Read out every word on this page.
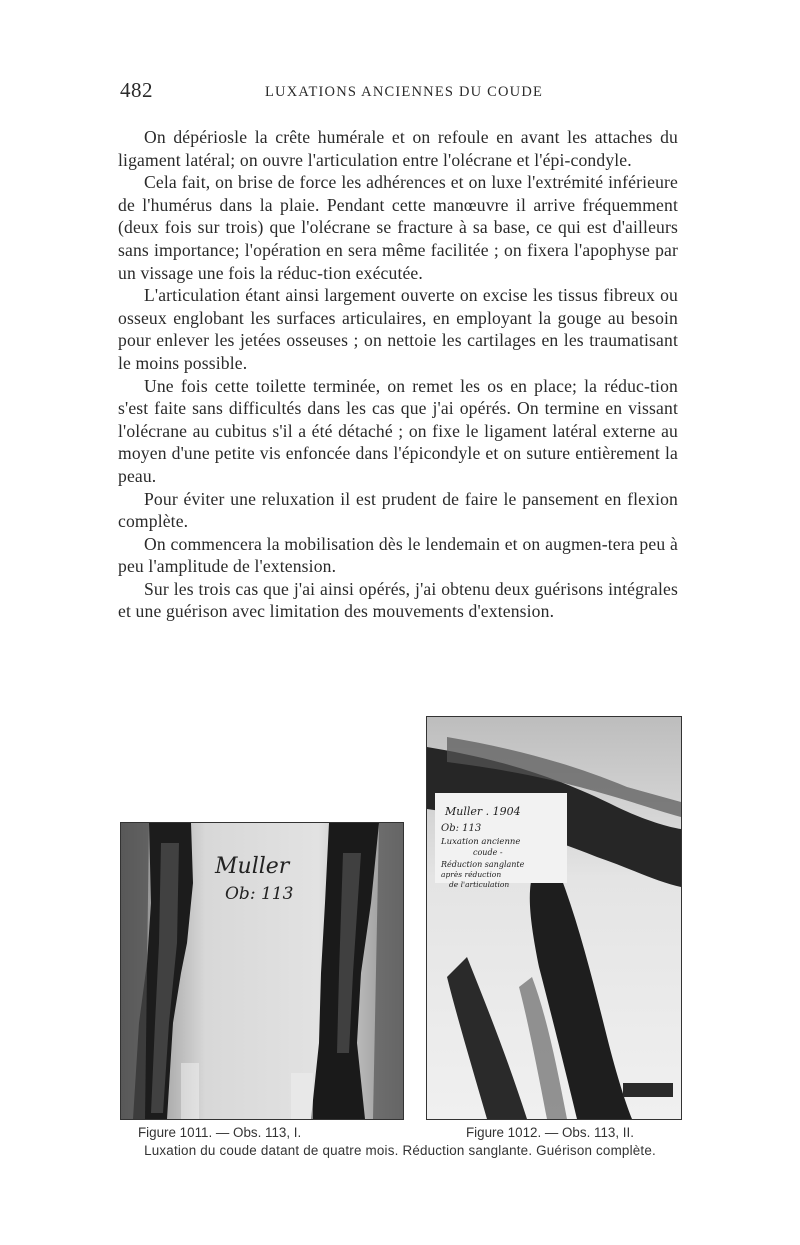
482	LUXATIONS ANCIENNES DU COUDE

On dépériosle la crête humérale et on refoule en avant les attaches du ligament latéral; on ouvre l'articulation entre l'olécrane et l'épi-condyle.

Cela fait, on brise de force les adhérences et on luxe l'extrémité inférieure de l'humérus dans la plaie. Pendant cette manœuvre il arrive fréquemment (deux fois sur trois) que l'olécrane se fracture à sa base, ce qui est d'ailleurs sans importance; l'opération en sera même facilitée ; on fixera l'apophyse par un vissage une fois la réduc-tion exécutée.

L'articulation étant ainsi largement ouverte on excise les tissus fibreux ou osseux englobant les surfaces articulaires, en employant la gouge au besoin pour enlever les jetées osseuses ; on nettoie les cartilages en les traumatisant le moins possible.

Une fois cette toilette terminée, on remet les os en place; la réduc-tion s'est faite sans difficultés dans les cas que j'ai opérés. On termine en vissant l'olécrane au cubitus s'il a été détaché ; on fixe le ligament latéral externe au moyen d'une petite vis enfoncée dans l'épicondyle et on suture entièrement la peau.

Pour éviter une reluxation il est prudent de faire le pansement en flexion complète.

On commencera la mobilisation dès le lendemain et on augmen-tera peu à peu l'amplitude de l'extension.

Sur les trois cas que j'ai ainsi opérés, j'ai obtenu deux guérisons intégrales et une guérison avec limitation des mouvements d'extension.

Muller
Ob: 113
Muller . 1904
Ob: 113
Luxation ancienne
coude -
Réduction sanglante
après réduction
de l'articulation
Figure 1011. — Obs. 113, I.	Figure 1012. — Obs. 113, II.
Luxation du coude datant de quatre mois. Réduction sanglante. Guérison complète.
